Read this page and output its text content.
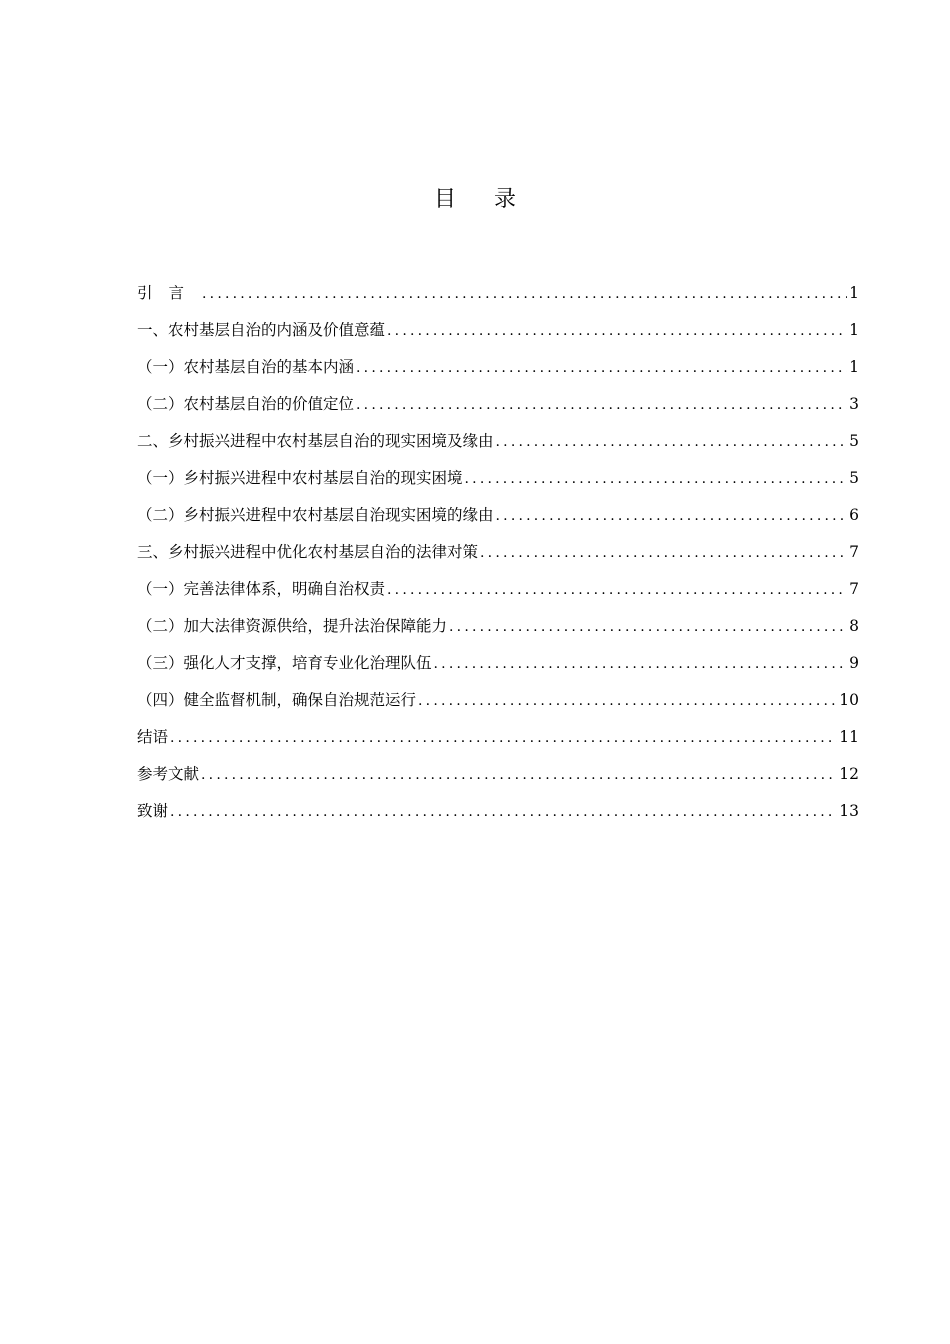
目录
引言 .....	1
一、农村基层自治的内涵及价值意蕴 .....	1
（一）农村基层自治的基本内涵 .....	1
（二）农村基层自治的价值定位 .....	3
二、乡村振兴进程中农村基层自治的现实困境及缘由 .....	5
（一）乡村振兴进程中农村基层自治的现实困境 .....	5
（二）乡村振兴进程中农村基层自治现实困境的缘由 .....	6
三、乡村振兴进程中优化农村基层自治的法律对策 .....	7
（一）完善法律体系，明确自治权责 .....	7
（二）加大法律资源供给，提升法治保障能力 .....	8
（三）强化人才支撑，培育专业化治理队伍 .....	9
（四）健全监督机制，确保自治规范运行 .....	10
结语 .....	11
参考文献 .....	12
致谢 .....	13
